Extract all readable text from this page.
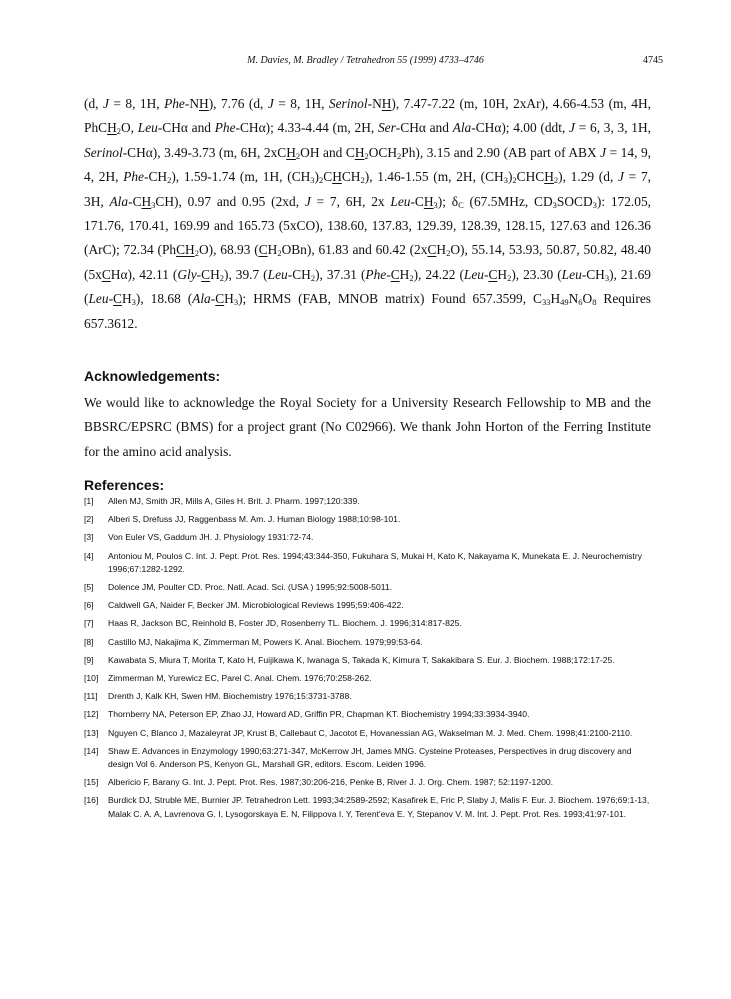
M. Davies, M. Bradley / Tetrahedron 55 (1999) 4733–4746	4745
(d, J = 8, 1H, Phe-NH), 7.76 (d, J = 8, 1H, Serinol-NH), 7.47-7.22 (m, 10H, 2xAr), 4.66-4.53 (m, 4H, PhCH$_2$O, Leu-CHα and Phe-CHα); 4.33-4.44 (m, 2H, Ser-CHα and Ala-CHα); 4.00 (ddt, J = 6, 3, 3, 1H, Serinol-CHα), 3.49-3.73 (m, 6H, 2xCH$_2$OH and $CH_2OCH_2Ph$), 3.15 and 2.90 (AB part of ABX J = 14, 9, 4, 2H, Phe-$CH_2$), 1.59-1.74 (m, 1H, $(CH_3)_2CHCH_2$), 1.46-1.55 (m, 2H, $(CH_3)_2CHCH_2$), 1.29 (d, J = 7, 3H, Ala-$CH_3CH$), 0.97 and 0.95 (2xd, J = 7, 6H, 2x Leu-$CH_3$); $\delta_C$ (67.5MHz, $CD_3SOCD_3$): 172.05, 171.76, 170.41, 169.99 and 165.73 (5xCO), 138.60, 137.83, 129.39, 128.39, 128.15, 127.63 and 126.36 (ArC); 72.34 (PhCH$_2$O), 68.93 $(CH_2OBn)$, 61.83 and 60.42 (2xCH$_2$O), 55.14, 53.93, 50.87, 50.82, 48.40 (5xCHα), 42.11 $(Gly-CH_2)$, 39.7 $(Leu-CH_2)$, 37.31 $(Phe-CH_2)$, 24.22 $(Leu-CH_2)$, 23.30 $(Leu-CH_3)$, 21.69 $(Leu-CH_3)$, 18.68 $(Ala-CH_3)$; HRMS (FAB, MNOB matrix) Found 657.3599, $C_{33}H_{49}N_6O_8$ Requires 657.3612.
Acknowledgements:
We would like to acknowledge the Royal Society for a University Research Fellowship to MB and the BBSRC/EPSRC (BMS) for a project grant (No C02966). We thank John Horton of the Ferring Institute for the amino acid analysis.
References:
[1] Allen MJ, Smith JR, Mills A, Giles H. Brit. J. Pharm. 1997;120:339.
[2] Alberi S, Drefuss JJ, Raggenbass M. Am. J. Human Biology 1988;10:98-101.
[3] Von Euler VS, Gaddum JH. J. Physiology 1931:72-74.
[4] Antoniou M, Poulos C. Int. J. Pept. Prot. Res. 1994;43:344-350, Fukuhara S, Mukai H, Kato K, Nakayama K, Munekata E. J. Neurochemistry 1996;67:1282-1292.
[5] Dolence JM, Poulter CD. Proc. Natl. Acad. Sci. (USA ) 1995;92:5008-5011.
[6] Caldwell GA, Naider F, Becker JM. Microbiological Reviews 1995;59:406-422.
[7] Haas R, Jackson BC, Reinhold B, Foster JD, Rosenberry TL. Biochem. J. 1996;314:817-825.
[8] Castillo MJ, Nakajima K, Zimmerman M, Powers K. Anal. Biochem. 1979;99:53-64.
[9] Kawabata S, Miura T, Morita T, Kato H, Fuijikawa K, Iwanaga S, Takada K, Kimura T, Sakakibara S. Eur. J. Biochem. 1988;172:17-25.
[10] Zimmerman M, Yurewicz EC, Parel C. Anal. Chem. 1976;70:258-262.
[11] Drenth J, Kalk KH, Swen HM. Biochemistry 1976;15:3731-3788.
[12] Thornberry NA, Peterson EP, Zhao JJ, Howard AD, Griffin PR, Chapman KT. Biochemistry 1994;33:3934-3940.
[13] Nguyen C, Blanco J, Mazaleyrat JP, Krust B, Callebaut C, Jacotot E, Hovanessian AG, Wakselman M. J. Med. Chem. 1998;41:2100-2110.
[14] Shaw E. Advances in Enzymology 1990;63:271-347, McKerrow JH, James MNG. Cysteine Proteases, Perspectives in drug discovery and design Vol 6. Anderson PS, Kenyon GL, Marshall GR, editors. Escom. Leiden 1996.
[15] Albericio F, Barany G. Int. J. Pept. Prot. Res. 1987;30:206-216, Penke B, River J. J. Org. Chem. 1987; 52:1197-1200.
[16] Burdick DJ, Struble ME, Burnier JP. Tetrahedron Lett. 1993;34:2589-2592; Kasafirek E, Fric P, Slaby J, Malis F. Eur. J. Biochem. 1976;69:1-13, Malak C. A. A, Lavrenova G. I, Lysogorskaya E. N, Filippova I. Y, Terent'eva E. Y, Stepanov V. M. Int. J. Pept. Prot. Res. 1993;41:97-101.
